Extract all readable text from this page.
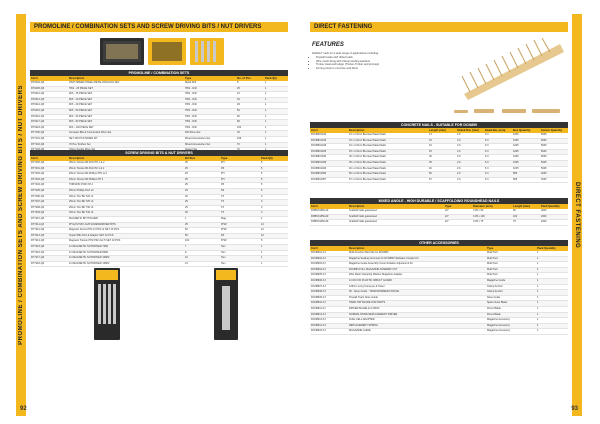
PROMOLINE / COMBINATION SETS AND SCREW DRIVING BITS / NUT DRIVERS
PROMOLINE / COMBINATION SETS AND SCREW DRIVING BITS / NUT DRIVERS
PROMOLINE / COMBINATION SETS
Cat #	Description	Type	No. of Pcs	Pack Qty
DT0204-QZ	HIGH SPEED STEEL METAL DRILLING SET	Metal Drill	8	1
DT0205-QZ	HSS - 25 PIECE SET	HSS - Drill	25	1
DT0212-QZ	MIX - 15 PIECE SET	HSS - Drill	15	1
DT0213-QZ	MIX - 19 PIECE SET	HSS - Drill	19	1
DT0214-QZ	MIX - 29 PIECE SET	HSS - Drill	29	1
DT0215-QZ	MIX - 50 PIECE SET	HSS - Drill	50	1
DT0216-QZ	MIX - 60 PIECE SET	HSS - Drill	60	1
DT0217-QZ	MIX - 80 PIECE SET	HSS - Drill	80	1
DT0218-QZ	MIX - 100 PIECE SET	HSS - Drill	100	1
DT7100-QZ	Compact Bits & Countersink Drive Set	Drill Drive Set	32	1
DT7101-QZ	SET 109 PCS MIXED KIT	Mixed Accessories Set	109	1
DT7102-QZ	70 Pce Toolbox Set	Mixed Accessories Set	70	1

SCREW DRIVING BITS & NUT DRIVERS
Cat #	Description	Bit Size	Type	Pack Qty
DT7200-QZ	25mm Torsion Bit Pozi PH 1 & 2	25	PH	5
DT7201-QZ	25mm Torsion Bit Pozi PZ 1 & 2	25	PZ	5
DT7202-QZ	25mm Torsion Bit Phillips PH1 & 2	25	PH	5
DT7203-QZ	25mm Torsion Bit Phillips PH 2	25	PH	5
DT7204-QZ	TORSION POZI PZ 2	25	PZ	5
DT7205-QZ	25mm Phillips Pozi x2	25	PZ	5
DT7206-QZ	25mm Torx Bit T20 x3	25	TX	3
DT7207-QZ	25mm Torx Bit T25 x3	25	TX	3
DT7208-QZ	25mm Torx Bit T30 x3	25	TX	3
DT7209-QZ	25mm Torx Bit T40 x3	25	TX	3
DT7210-QZ	MAGNETIC BIT HOLDER	1	Mag	1
DT7211-QZ	PH & PZ MIX 2x25 SCREWDRIVER BITS	25	PH/Z	10
DT7212-QZ	Magnetic Screw PH2 x2 PZ2 x2 SET 10 PCS	50	PH/Z	10
DT7213-QZ	Impact Bits Pozi & Adaptor SET 10 PCS	50	PZ	10
DT7214-QZ	Magnetic Torsion PH2 PZ2 2x2 5 SET 10 PCS	100	PH/Z	5
DT7215-QZ	1/4 MAGNETIC NUTDRIVER 7MM	7	Hex	1
DT7216-QZ	1/4 MAGNETIC NUTDRIVER 8MM	8	Hex	1
DT7217-QZ	1/4 MAGNETIC NUTDRIVER 10MM	10	Hex	1
DT7218-QZ	1/4 MAGNETIC NUTDRIVER 13MM	13	Hex	1
92
DIRECT FASTENING
DIRECT FASTENING
FEATURES
DeWALT nails for a wide range of applications including:
• Drywall tracks with ribbed nails
• Wire mesh fixing with Clamp landing washers
• Timber cleat and ledger (Timber-Timber and joinings)
• Furring strips to concrete and block
CONCRETE NAILS - SUITABLE FOR DCN890
Cat #	Description	Length (mm)	Shank Dia. (mm)	Head Dia. (mm)	Box Quantity	Carton Quantity
DCN8901013	13 x 2.6mm Blu-Gas Plated Nails	13	2.6	6.3	1005	5025
DCN8901015	15 x 2.6mm Blu-Gas Plated Nails	15	2.6	6.3	1005	5025
DCN8901019	19 x 2.6mm Blu-Gas Plated Nails	19	2.6	6.3	1005	5025
DCN8901025	25 x 2.6mm Blu-Gas Plated Nails	25	2.6	6.3	1005	5025
DCN8901030	30 x 2.6mm Blu-Gas Plated Nails	30	2.6	6.3	1005	5025
DCN8901035	35 x 2.6mm Blu-Gas Plated Nails	35	2.6	6.3	1005	5025
DCN8901040	40 x 2.6mm Blu-Gas Plated Nails	40	2.6	6.3	1005	5025
DCN8901050	50 x 2.6mm Blu-Gas Plated Nails	50	2.6	6.3	805	4025
DCN8901057	57 x 2.6mm Blu-Gas Plated Nails	57	2.6	6.3	805	4025
MIXED ANGLE - HIGH DURABLE / SCAFFOLDING ROUNDHEAD NAILS
Cat #	Description	Type	Diameter (mm)	Length (mm)	Pack Quantity
DNBS3135G1Z	Scaffold Nails galvanised	22°	3.05 x 90	90	2000
DNBS3135G2Z	Scaffold Nails galvanised	22°	3.05 x 100	100	2000
DNBS3135G3Z	Scaffold Nails galvanised	22°	3.05 x 75	75	2000
OTHER ACCESSORIES
Cat #	Description	Type	Pack Quantity
DCN8901-XJ	Multi Function Belt Clip for DCN890	Multi Tool	1
DCN8902-XJ	Magazine Sealing Grommet for DCN890 Hardware Coupler Kit	Multi Tool	1
DCN8903-XJ	Magazine Guide Assembly Cover Rotation Adjustment Kit	Multi Tool	1
DCN8904-XJ	DCN890 FULL MAGAZINE ASSEMBLY KIT	Multi Tool	1
DCN8905-XJ	Wire Mesh Clamping Washer Magazine Adapter	Multi Tool	1
DCN8906-XJ	1/4 DC NO PLASTIC IMPACT GUARD	Magazine Guide	1
DCN8907-XJ	125mm Long Conveyor & Tower	Clamp Anchor	1
DCN8908-XJ	90 - Nose Guide - TRANSFORMER FOR Mix	Clamp Anchor	1
DCN8909-XJ	Drywall Track Nose Guide	Nose Guide	1
DCN8910-XJ	HARD HAT BLADE FOR DWITS	Spare Nose Blade	1
DCN8911-XJ	DRIVER BLADE & O-RING	Driver Blade	1
DCN8912-XJ	NORMAL MODE REPLACEMENT DRIVER	Driver Blade	1
DCN8913-XJ	FUEL CELL ADAPTER	Magazine Accessory	1
DCN8914-XJ	REPLACEMENT SPRING	Magazine Accessory	1
DCN8915-XJ	MAGAZINE GUIDE	Magazine Accessory	1
93
